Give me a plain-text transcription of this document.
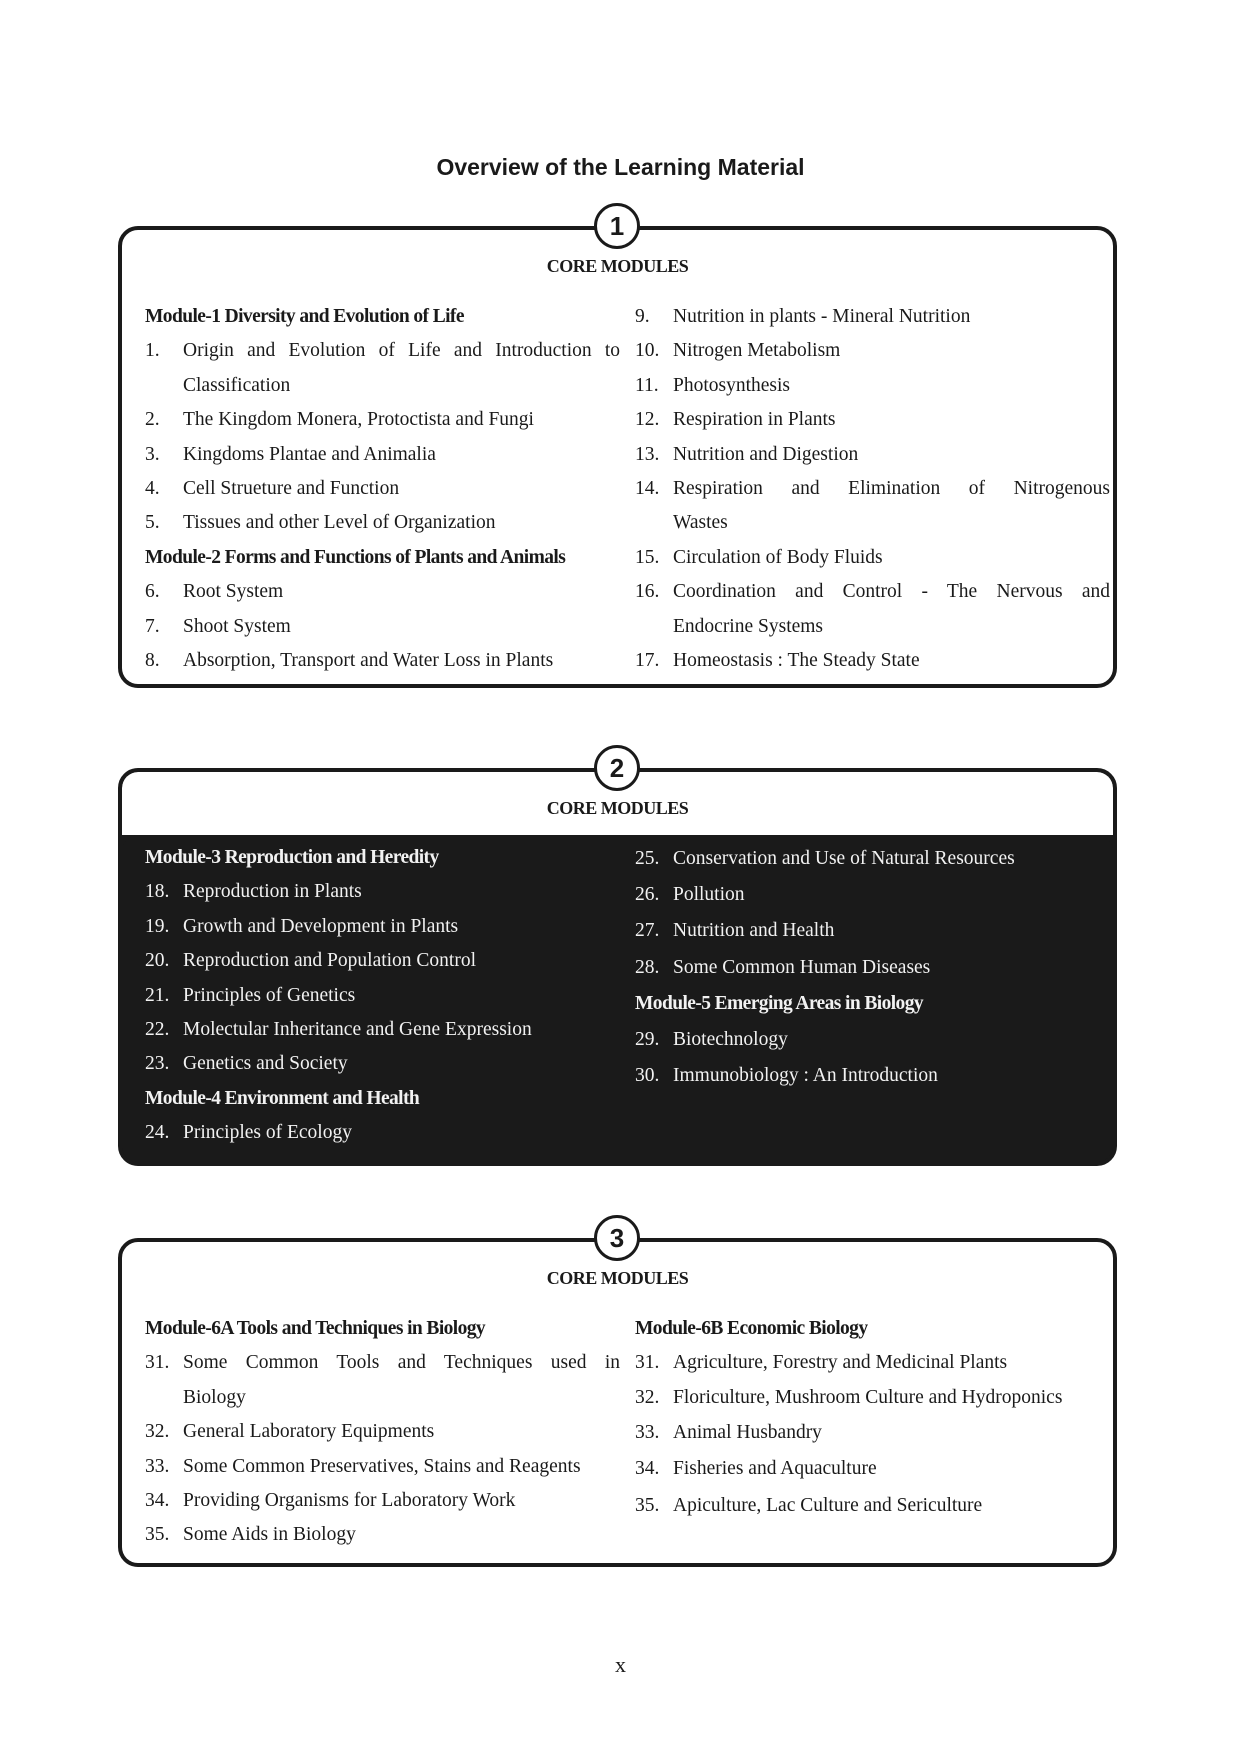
Overview of the Learning Material
1
CORE MODULES
Module-1 Diversity and Evolution of Life
1. Origin and Evolution of Life and Introduction to
Classification
2. The Kingdom Monera, Protoctista and Fungi
3. Kingdoms Plantae and Animalia
4. Cell Strueture and Function
5. Tissues and other Level of Organization
Module-2 Forms and Functions of Plants and Animals
6. Root System
7. Shoot System
8. Absorption, Transport and Water Loss in Plants
9. Nutrition in plants - Mineral Nutrition
10. Nitrogen Metabolism
11. Photosynthesis
12. Respiration in Plants
13. Nutrition and Digestion
14. Respiration and Elimination of Nitrogenous
Wastes
15. Circulation of Body Fluids
16. Coordination and Control - The Nervous and
Endocrine Systems
17. Homeostasis : The Steady State
2
CORE MODULES
Module-3 Reproduction and Heredity
18. Reproduction in Plants
19. Growth and Development in Plants
20. Reproduction and Population Control
21. Principles of Genetics
22. Molectular Inheritance and Gene Expression
23. Genetics and Society
Module-4 Environment and Health
24. Principles of Ecology
25. Conservation and Use of Natural Resources
26. Pollution
27. Nutrition and Health
28. Some Common Human Diseases
Module-5 Emerging Areas in Biology
29. Biotechnology
30. Immunobiology : An Introduction
3
CORE MODULES
Module-6A Tools and Techniques in Biology
31. Some Common Tools and Techniques used in
Biology
32. General Laboratory Equipments
33. Some Common Preservatives, Stains and Reagents
34. Providing Organisms for Laboratory Work
35. Some Aids in Biology
Module-6B Economic Biology
31. Agriculture, Forestry and Medicinal Plants
32. Floriculture, Mushroom Culture and Hydroponics
33. Animal Husbandry
34. Fisheries and Aquaculture
35. Apiculture, Lac Culture and Sericulture
x
